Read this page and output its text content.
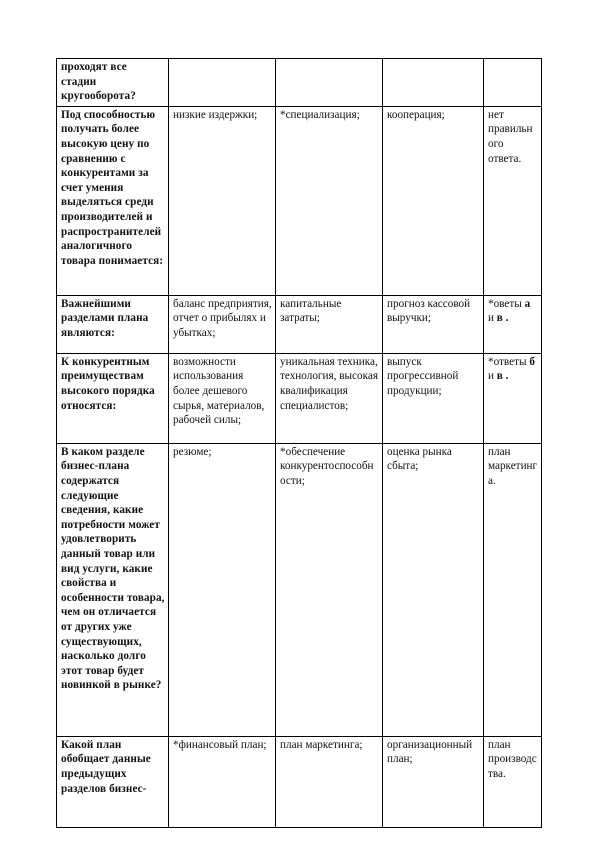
проходят все стадии кругооборота?				
Под способностью получать более высокую цену по сравнению с конкурентами за счет умения выделяться среди производителей и распространителей аналогичного товара понимается:	низкие издержки;	*специализация;	кооперация;	нет правильного ответа.
Важнейшими разделами плана являются:	баланс предприятия, отчет о прибылях и убытках;	капитальные затраты;	прогноз кассовой выручки;	*оветы а и в .
К конкурентным преимуществам высокого порядка относятся:	возможности использования более дешевого сырья, материалов, рабочей силы;	уникальная техника, технология, высокая квалификация специалистов;	выпуск прогрессивной продукции;	*ответы б и в .
В каком разделе бизнес-плана содержатся следующие сведения, какие потребности может удовлетворить данный товар или вид услуги, какие свойства и особенности товара, чем он отличается от других уже существующих, насколько долго этот товар будет новинкой в рынке?	резюме;	*обеспечение конкурентоспособности;	оценка рынка сбыта;	план маркетинга.
Какой план обобщает данные предыдущих разделов бизнес-	*финансовый план;	план маркетинга;	организационный план;	план производства.
